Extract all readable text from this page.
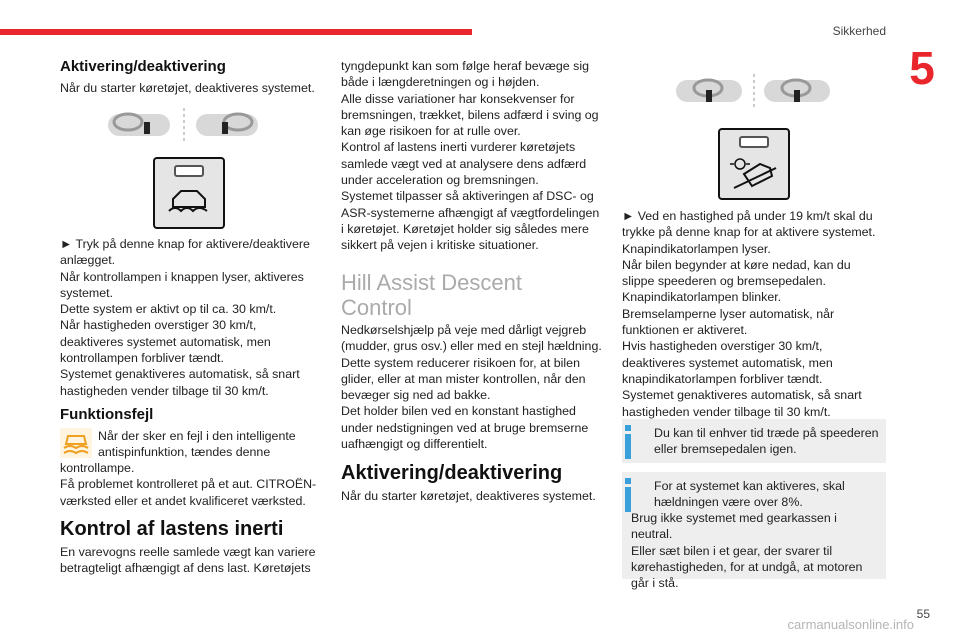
Sikkerhed
5
Aktivering/deaktivering
Når du starter køretøjet, deaktiveres systemet.
► Tryk på denne knap for aktivere/deaktivere anlægget.
Når kontrollampen i knappen lyser, aktiveres systemet.
Dette system er aktivt op til ca. 30 km/t.
Når hastigheden overstiger 30 km/t, deaktiveres systemet automatisk, men kontrollampen forbliver tændt.
Systemet genaktiveres automatisk, så snart hastigheden vender tilbage til 30 km/t.
Funktionsfejl
Når der sker en fejl i den intelligente antispinfunktion, tændes denne
kontrollampe.
Få problemet kontrolleret på et aut. CITROËN-værksted eller et andet kvalificeret værksted.
Kontrol af lastens inerti
En varevogns reelle samlede vægt kan variere betragteligt afhængigt af dens last. Køretøjets
tyngdepunkt kan som følge heraf bevæge sig både i længderetningen og i højden.
Alle disse variationer har konsekvenser for bremsningen, trækket, bilens adfærd i sving og kan øge risikoen for at rulle over.
Kontrol af lastens inerti vurderer køretøjets samlede vægt ved at analysere dens adfærd under acceleration og bremsningen.
Systemet tilpasser så aktiveringen af DSC- og ASR-systemerne afhængigt af vægtfordelingen i køretøjet. Køretøjet holder sig således mere sikkert på vejen i kritiske situationer.
Hill Assist Descent Control
Nedkørselshjælp på veje med dårligt vejgreb (mudder, grus osv.) eller med en stejl hældning.
Dette system reducerer risikoen for, at bilen glider, eller at man mister kontrollen, når den bevæger sig ned ad bakke.
Det holder bilen ved en konstant hastighed under nedstigningen ved at bruge bremserne uafhængigt og differentielt.
Aktivering/deaktivering
Når du starter køretøjet, deaktiveres systemet.
► Ved en hastighed på under 19 km/t skal du trykke på denne knap for at aktivere systemet.
Knapindikatorlampen lyser.
Når bilen begynder at køre nedad, kan du slippe speederen og bremsepedalen.
Knapindikatorlampen blinker.
Bremselamperne lyser automatisk, når funktionen er aktiveret.
Hvis hastigheden overstiger 30 km/t, deaktiveres systemet automatisk, men knapindikatorlampen forbliver tændt.
Systemet genaktiveres automatisk, så snart hastigheden vender tilbage til 30 km/t.
Du kan til enhver tid træde på speederen eller bremsepedalen igen.
For at systemet kan aktiveres, skal hældningen være over 8%.
Brug ikke systemet med gearkassen i neutral.
Eller sæt bilen i et gear, der svarer til kørehastigheden, for at undgå, at motoren går i stå.
55
carmanualsonline.info
